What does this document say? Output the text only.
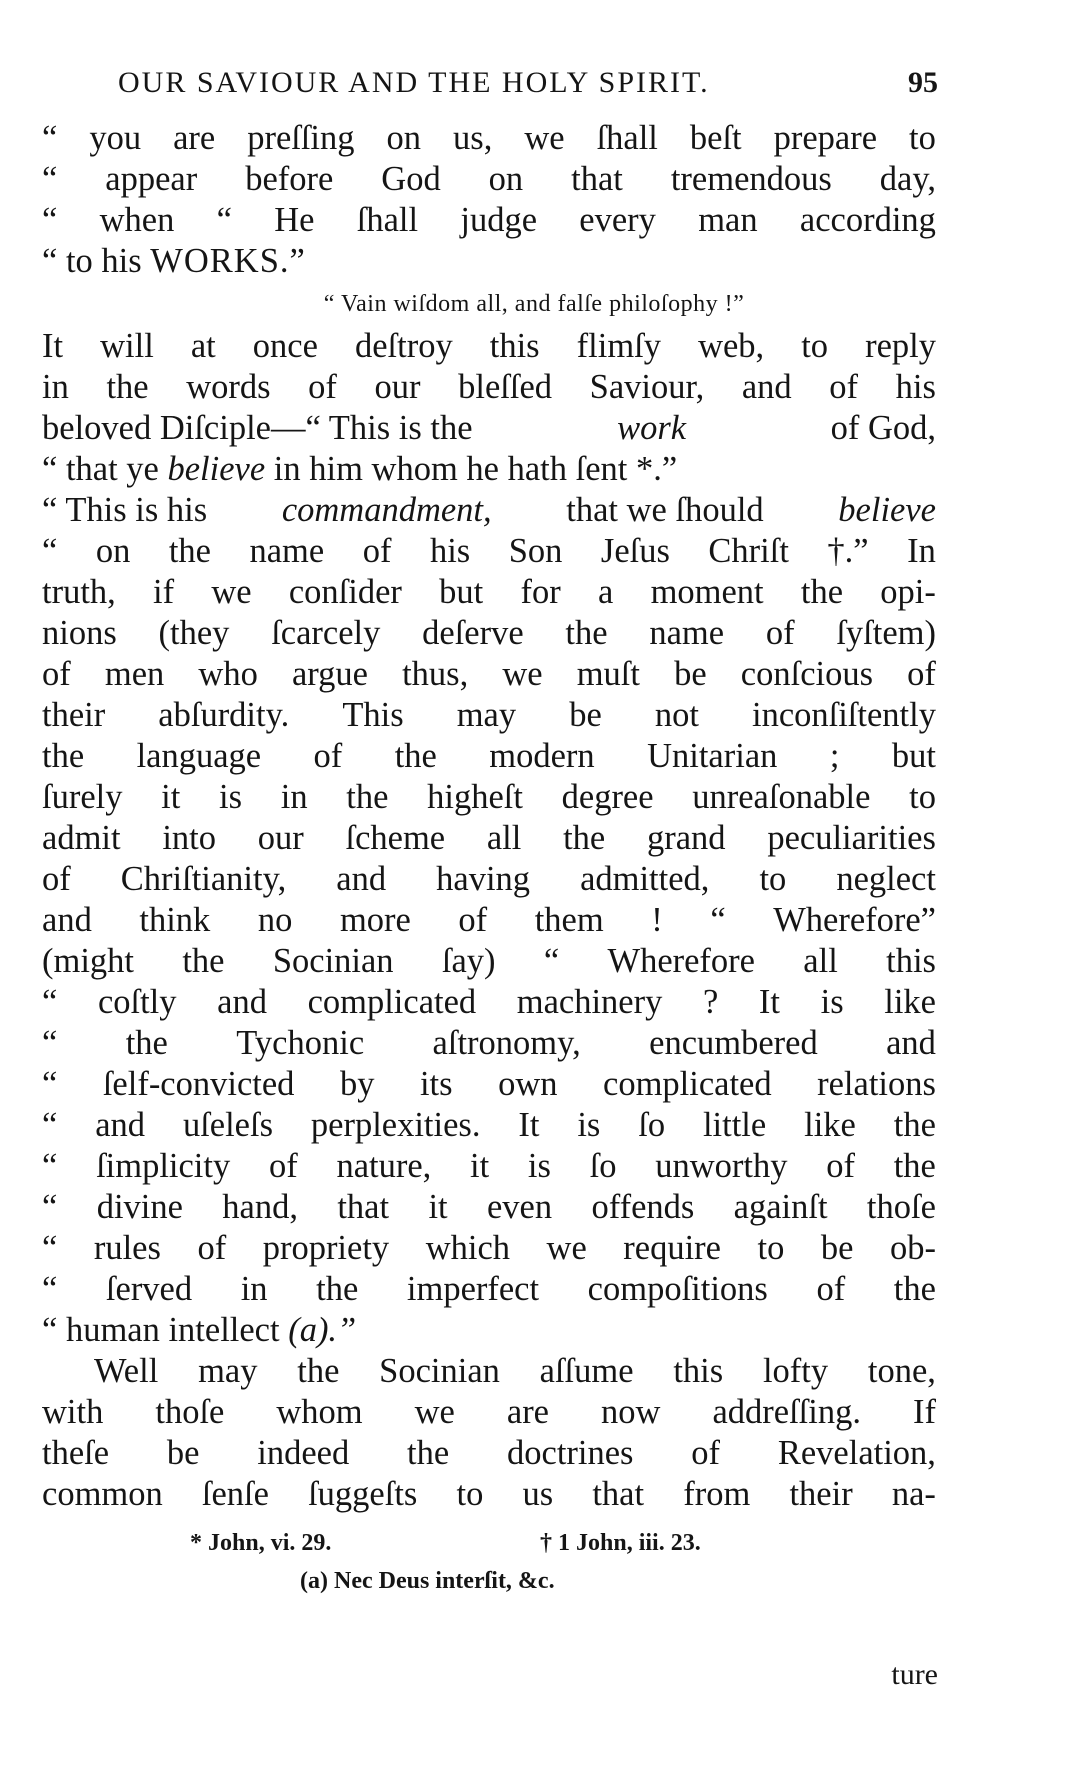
OUR SAVIOUR AND THE HOLY SPIRIT.	95
“ you are preſſing on us, we ſhall beſt prepare to
“ appear before God on that tremendous day,
“ when “ He ſhall judge every man according
“ to his
WORKS.”
“ Vain wiſdom all, and falſe philoſophy !”
It will at once deſtroy this flimſy web, to reply
in the words of our bleſſed Saviour, and of his
beloved Diſciple—“ This is the	work	of God,
“ that ye
believe
in him whom he hath ſent *.”
“ This is his commandment, that we ſhould believe
“ on the name of his Son Jeſus Chriſt †.” In
truth, if we conſider but for a moment the opi-
nions (they ſcarcely deſerve the name of ſyſtem)
of men who argue thus, we muſt be conſcious of
their abſurdity. This may be not inconſiſtently
the language of the modern Unitarian ; but
ſurely it is in the higheſt degree unreaſonable to
admit into our ſcheme all the grand peculiarities
of Chriſtianity, and having admitted, to neglect
and think no more of them ! “ Wherefore”
(might the Socinian ſay) “ Wherefore all this
“ coſtly and complicated machinery ? It is like
“ the Tychonic aſtronomy, encumbered and
“ ſelf-convicted by its own complicated relations
“ and uſeleſs perplexities. It is ſo little like the
“ ſimplicity of nature, it is ſo unworthy of the
“ divine hand, that it even offends againſt thoſe
“ rules of propriety which we require to be ob-
“ ſerved in the imperfect compoſitions of the
“ human intellect
(a).”
Well may the Socinian aſſume this lofty tone,
with thoſe whom we are now addreſſing. If
theſe be indeed the doctrines of Revelation,
common ſenſe ſuggeſts to us that from their na-
* John, vi. 29.	† 1 John, iii. 23.
(a) Nec Deus interſit, &c.
ture
